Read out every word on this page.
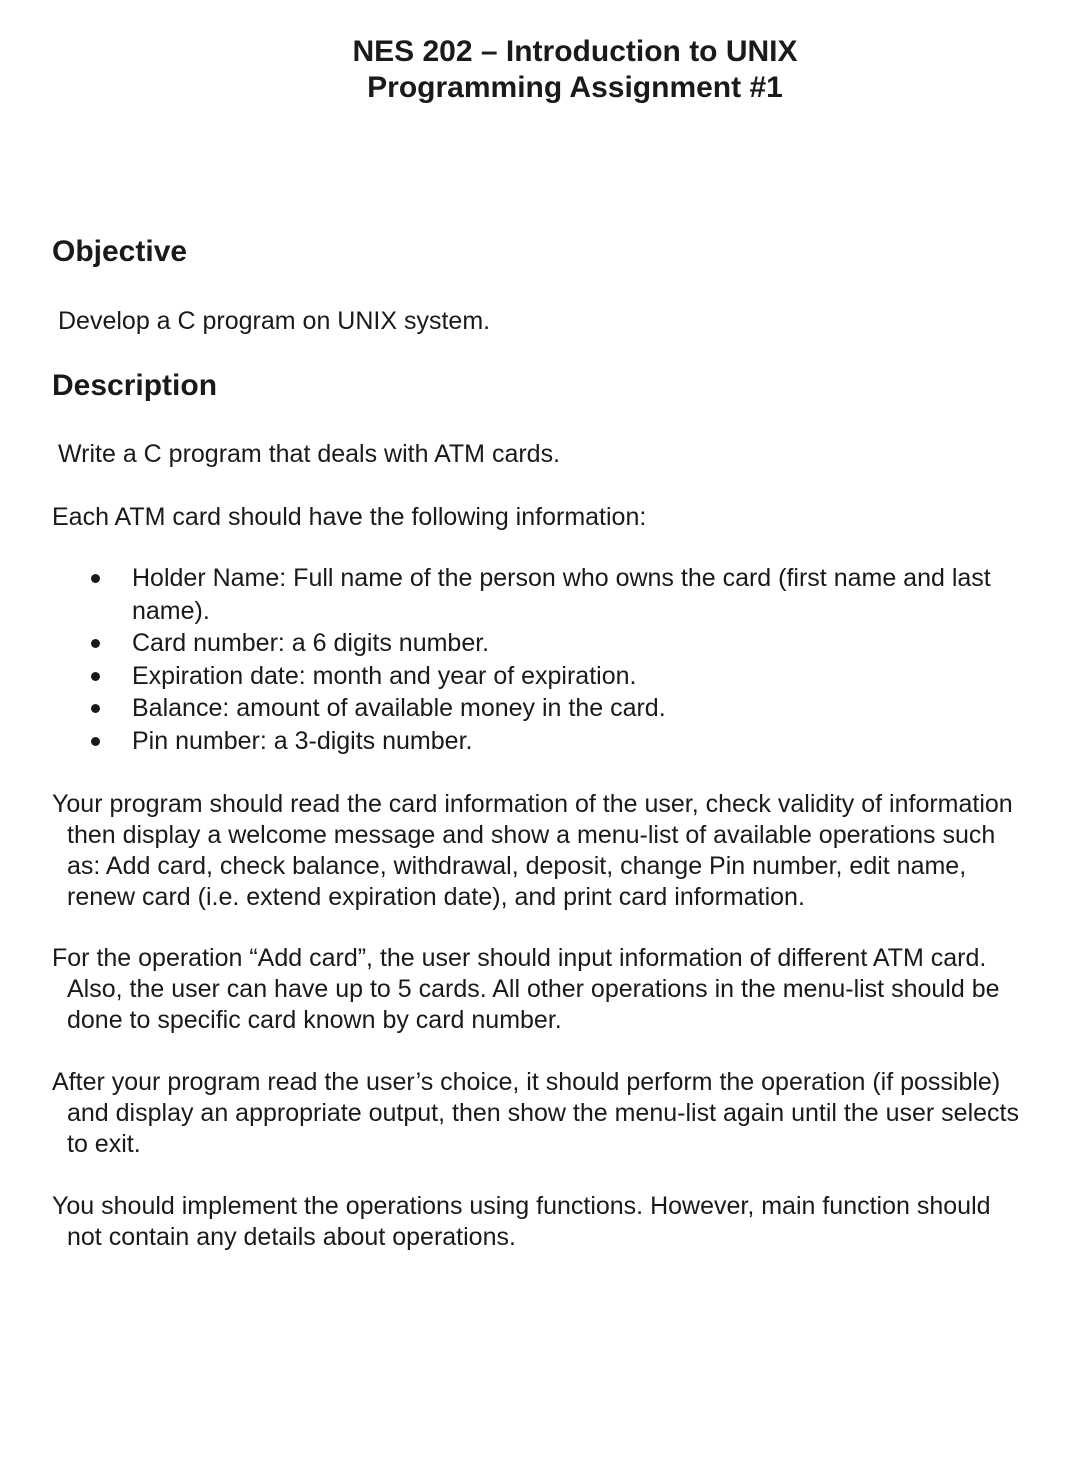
NES 202 – Introduction to UNIX
Programming Assignment #1
Objective
Develop a C program on UNIX system.
Description
Write a C program that deals with ATM cards.
Each ATM card should have the following information:
Holder Name: Full name of the person who owns the card (first name and last
name).
Card number: a 6 digits number.
Expiration date: month and year of expiration.
Balance: amount of available money in the card.
Pin number: a 3-digits number.
Your program should read the card information of the user, check validity of information
then display a welcome message and show a menu-list of available operations such
as: Add card, check balance, withdrawal, deposit, change Pin number, edit name,
renew card (i.e. extend expiration date), and print card information.
For the operation “Add card”, the user should input information of different ATM card.
Also, the user can have up to 5 cards. All other operations in the menu-list should be
done to specific card known by card number.
After your program read the user’s choice, it should perform the operation (if possible)
and display an appropriate output, then show the menu-list again until the user selects
to exit.
You should implement the operations using functions. However, main function should
not contain any details about operations.
